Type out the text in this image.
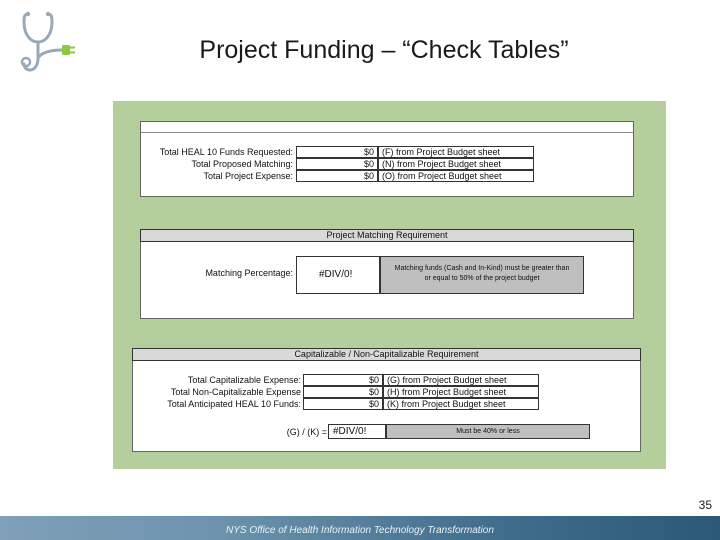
Project Funding – “Check Tables”
Total HEAL 10 Funds Requested:
Total Proposed Matching:
Total Project Expense:
$0
$0
$0
(F) from Project Budget sheet
(N) from Project Budget sheet
(O) from Project Budget sheet
Project Matching Requirement
Matching Percentage:	#DIV/0!
Matching funds (Cash and In-Kind) must be greater than
or equal to 50% of the project budget
Capitalizable / Non-Capitalizable Requirement
Total Capitalizable Expense:
Total Non-Capitalizable Expense
Total Anticipated HEAL 10 Funds:
$0
$0
$0
(G) from Project Budget sheet
(H) from Project Budget sheet
(K) from Project Budget sheet
(G) / (K) = #DIV/0!	Must be 40% or less
35
NYS Office of Health Information Technology Transformation
